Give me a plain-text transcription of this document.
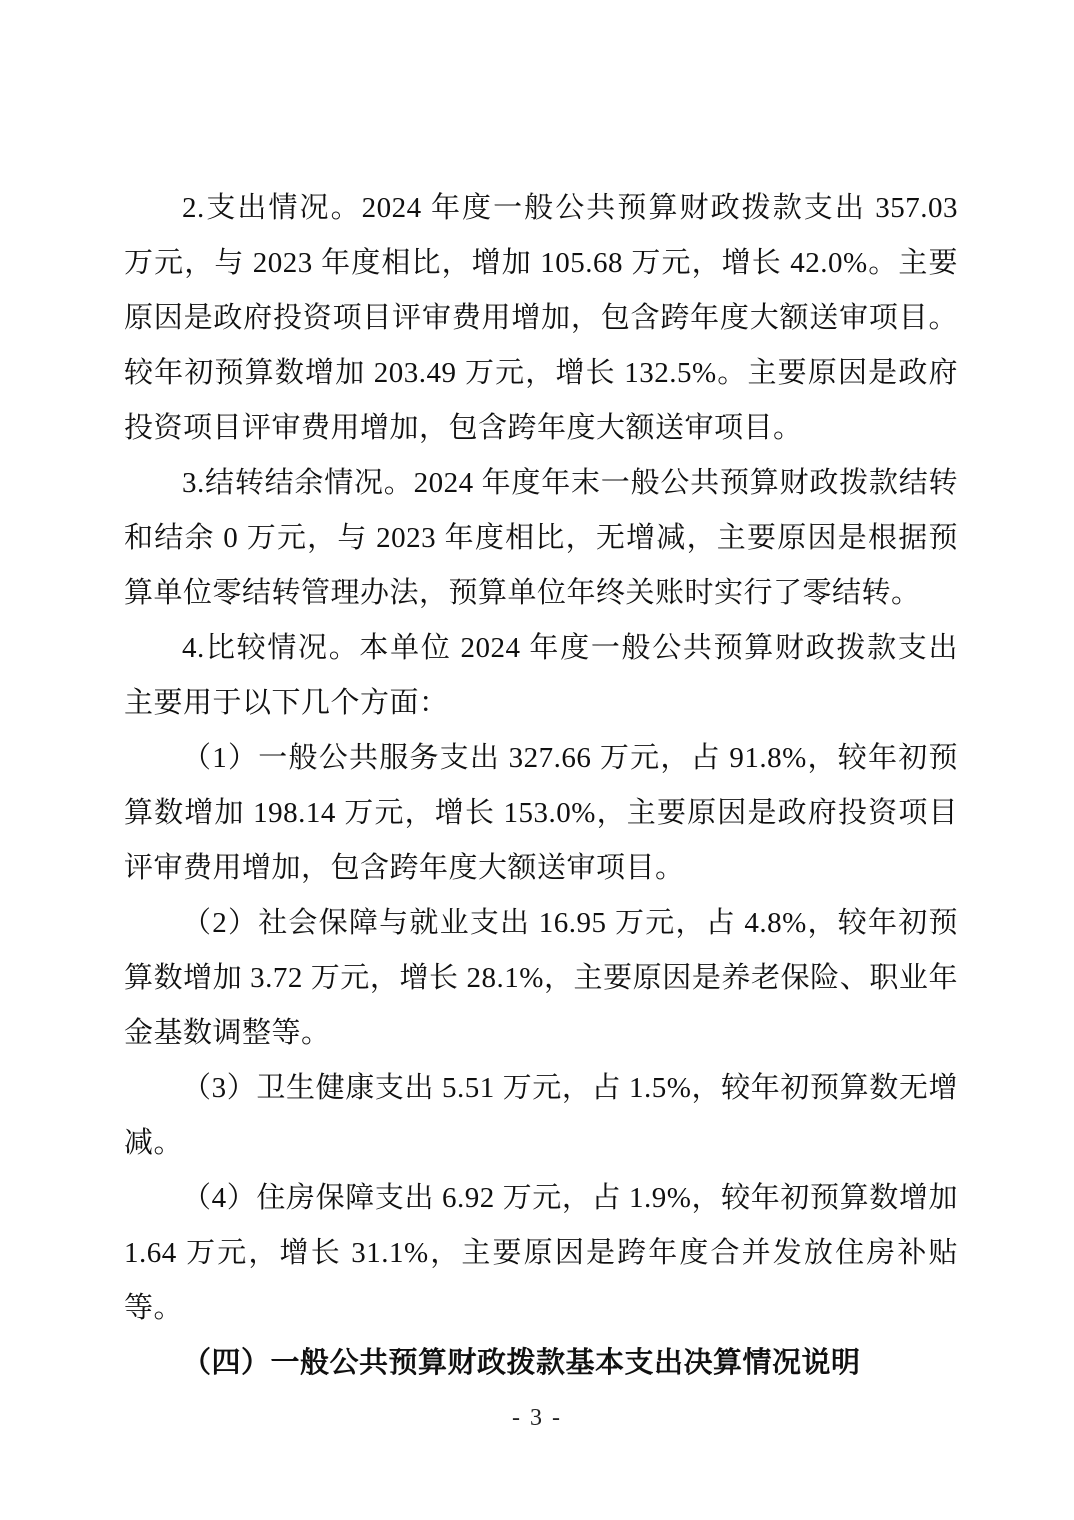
2.支出情况。2024 年度一般公共预算财政拨款支出 357.03 万元，与 2023 年度相比，增加 105.68 万元，增长 42.0%。主要原因是政府投资项目评审费用增加，包含跨年度大额送审项目。较年初预算数增加 203.49 万元，增长 132.5%。主要原因是政府投资项目评审费用增加，包含跨年度大额送审项目。

3.结转结余情况。2024 年度年末一般公共预算财政拨款结转和结余 0 万元，与 2023 年度相比，无增减，主要原因是根据预算单位零结转管理办法，预算单位年终关账时实行了零结转。

4.比较情况。本单位 2024 年度一般公共预算财政拨款支出主要用于以下几个方面：

（1）一般公共服务支出 327.66 万元，占 91.8%，较年初预算数增加 198.14 万元，增长 153.0%，主要原因是政府投资项目评审费用增加，包含跨年度大额送审项目。

（2）社会保障与就业支出 16.95 万元，占 4.8%，较年初预算数增加 3.72 万元，增长 28.1%，主要原因是养老保险、职业年金基数调整等。

（3）卫生健康支出 5.51 万元，占 1.5%，较年初预算数无增减。

（4）住房保障支出 6.92 万元，占 1.9%，较年初预算数增加 1.64 万元，增长 31.1%，主要原因是跨年度合并发放住房补贴等。

（四）一般公共预算财政拨款基本支出决算情况说明

- 3 -
